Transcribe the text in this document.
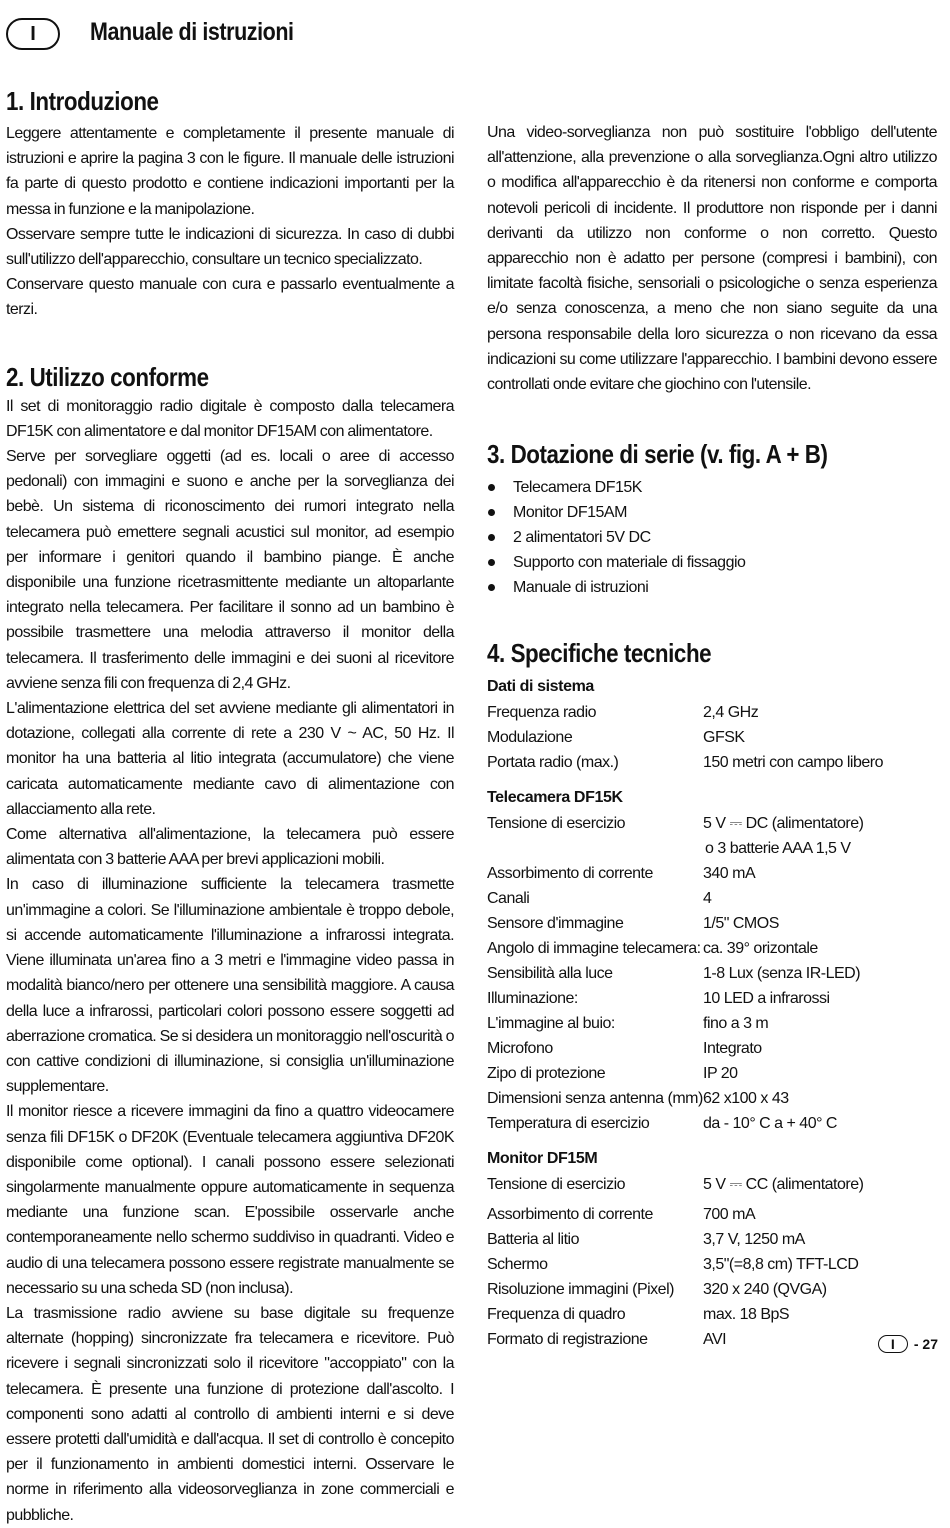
I	Manuale di istruzioni
1. Introduzione

Leggere attentamente e completamente il presente manuale di istruzioni e aprire la pagina 3 con le figure. Il manuale delle istruzioni fa parte di questo prodotto e contiene indicazioni importanti per la messa in funzione e la manipolazione.

Osservare sempre tutte le indicazioni di sicurezza. In caso di dubbi sull'utilizzo dell'apparecchio, consultare un tecnico specializzato.

Conservare questo manuale con cura e passarlo eventualmente a terzi.

2. Utilizzo conforme

Il set di monitoraggio radio digitale è composto dalla telecamera DF15K con alimentatore e dal monitor DF15AM con alimentatore.

Serve per sorvegliare oggetti (ad es. locali o aree di accesso pedonali) con immagini e suono e anche per la sorveglianza dei bebè. Un sistema di riconoscimento dei rumori integrato nella telecamera può emettere segnali acustici sul monitor, ad esempio per informare i genitori quando il bambino piange. È anche disponibile una funzione ricetrasmittente mediante un altoparlante integrato nella telecamera. Per facilitare il sonno ad un bambino è possibile trasmettere una melodia attraverso il monitor della telecamera. Il trasferimento delle immagini e dei suoni al ricevitore avviene senza fili con frequenza di 2,4 GHz.

L'alimentazione elettrica del set avviene mediante gli alimentatori in dotazione, collegati alla corrente di rete a 230 V ~ AC, 50 Hz. Il monitor ha una batteria al litio integrata (accumulatore) che viene caricata automaticamente mediante cavo di alimentazione con allacciamento alla rete.

Come alternativa all'alimentazione, la telecamera può essere alimentata con 3 batterie AAA per brevi applicazioni mobili.

In caso di illuminazione sufficiente la telecamera trasmette un'immagine a colori. Se l'illuminazione ambientale è troppo debole, si accende automaticamente l'illuminazione a infrarossi integrata. Viene illuminata un'area fino a 3 metri e l'immagine video passa in modalità bianco/nero per ottenere una sensibilità maggiore. A causa della luce a infrarossi, particolari colori possono essere soggetti ad aberrazione cromatica. Se si desidera un monitoraggio nell'oscurità o con cattive condizioni di illuminazione, si consiglia un'illuminazione supplementare.

Il monitor riesce a ricevere immagini da fino a quattro videocamere senza fili DF15K o DF20K (Eventuale telecamera aggiuntiva DF20K disponibile come optional). I canali possono essere selezionati singolarmente manualmente oppure automaticamente in sequenza mediante una funzione scan. E'possibile osservarle anche contemporaneamente nello schermo suddiviso in quadranti. Video e audio di una telecamera possono essere registrate manualmente se necessario su una scheda SD (non inclusa).

La trasmissione radio avviene su base digitale su frequenze alternate (hopping) sincronizzate fra telecamera e ricevitore. Può ricevere i segnali sincronizzati solo il ricevitore "accoppiato" con la telecamera. È presente una funzione di protezione dall'ascolto. I componenti sono adatti al controllo di ambienti interni e si deve essere protetti dall'umidità e dall'acqua. Il set di controllo è concepito per il funzionamento in ambienti domestici interni. Osservare le norme in riferimento alla videosorveglianza in zone commerciali e pubbliche.

Una video-sorveglianza non può sostituire l'obbligo dell'utente all'attenzione, alla prevenzione o alla sorveglianza.Ogni altro utilizzo o modifica all'apparecchio è da ritenersi non conforme e comporta notevoli pericoli di incidente. Il produttore non risponde per i danni derivanti da utilizzo non conforme o non corretto. Questo apparecchio non è adatto per persone (compresi i bambini), con limitate facoltà fisiche, sensoriali o psicologiche o senza esperienza e/o senza conoscenza, a meno che non siano seguite da una persona responsabile della loro sicurezza o non ricevano da essa indicazioni su come utilizzare l'apparecchio. I bambini devono essere controllati onde evitare che giochino con l'utensile.

3. Dotazione di serie (v. fig. A + B)
Telecamera DF15K
Monitor DF15AM
2 alimentatori 5V DC
Supporto con materiale di fissaggio
Manuale di istruzioni
4. Specifiche tecniche
Dati di sistema
Frequenza radio	2,4 GHz
Modulazione	GFSK
Portata radio (max.)	150 metri con campo libero
Telecamera DF15K
Tensione di esercizio	5 V ⎓ DC (alimentatore)
o 3 batterie AAA 1,5 V
Assorbimento di corrente	340 mA
Canali	4
Sensore d'immagine	1/5" CMOS
Angolo di immagine telecamera: ca. 39° orizontale
Sensibilità alla luce	1-8 Lux (senza IR-LED)
Illuminazione:	10 LED a infrarossi
L'immagine al buio:	fino a 3 m
Microfono	Integrato
Zipo di protezione	IP 20
Dimensioni senza antenna (mm) 62 x100 x 43
Temperatura di esercizio	da - 10° C a + 40° C
Monitor DF15M
Tensione di esercizio	5 V ⎓ CC (alimentatore)
Assorbimento di corrente	700 mA
Batteria al litio	3,7 V, 1250 mA
Schermo	3,5"(=8,8 cm) TFT-LCD
Risoluzione immagini (Pixel)	320 x 240 (QVGA)
Frequenza di quadro	max. 18 BpS
Formato di registrazione	AVI	I	- 27
